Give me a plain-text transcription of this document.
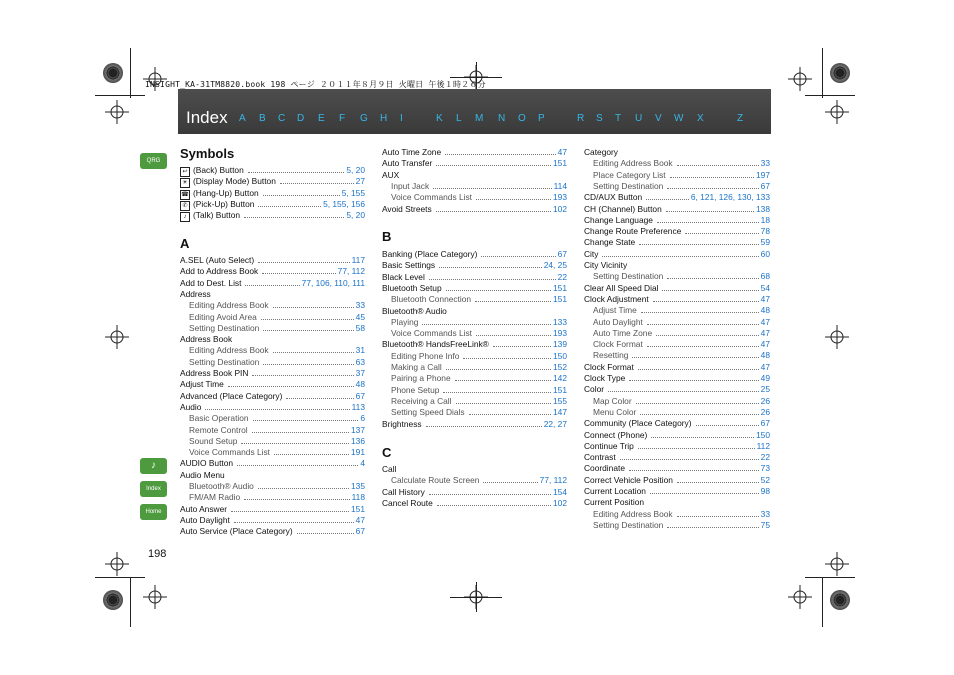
INSIGHT_KA-31TM8820.book 198 ページ ２０１１年８月９日 火曜日 午後１時２６分
Index A B C D E F G H I	K L M N O P	R S T U V W X	Z
QRG
♪
Index
Home
198
Symbols
A	B
C
↩ (Back) Button	5, 20
☀ (Display Mode) Button	27
☎ (Hang-Up) Button	5, 155
✆ (Pick-Up) Button	5, 155, 156
♪ (Talk) Button	5, 20
A.SEL (Auto Select)	117
Add to Address Book	77, 112
Add to Dest. List	77, 106, 110, 111
Address
Editing Address Book	33
Editing Avoid Area	45
Setting Destination	58
Address Book
Editing Address Book	31
Setting Destination	63
Address Book PIN	37
Adjust Time	48
Advanced (Place Category)	67
Audio	113
Basic Operation	6
Remote Control	137
Sound Setup	136
Voice Commands List	191
AUDIO Button	4
Audio Menu
Bluetooth® Audio	135
FM/AM Radio	118
Auto Answer	151
Auto Daylight	47
Auto Service (Place Category)	67
Auto Time Zone	47
Auto Transfer	151
AUX
Input Jack	114
Voice Commands List	193
Avoid Streets	102
Banking (Place Category)	67
Basic Settings	24, 25
Black Level	22
Bluetooth Setup	151
Bluetooth Connection	151
Bluetooth® Audio
Playing	133
Voice Commands List	193
Bluetooth® HandsFreeLink®	139
Editing Phone Info	150
Making a Call	152
Pairing a Phone	142
Phone Setup	151
Receiving a Call	155
Setting Speed Dials	147
Brightness	22, 27
Call
Calculate Route Screen	77, 112
Call History	154
Cancel Route	102
Category
Editing Address Book	33
Place Category List	197
Setting Destination	67
CD/AUX Button	6, 121, 126, 130, 133
CH (Channel) Button	138
Change Language	18
Change Route Preference	78
Change State	59
City	60
City Vicinity
Setting Destination	68
Clear All Speed Dial	54
Clock Adjustment	47
Adjust Time	48
Auto Daylight	47
Auto Time Zone	47
Clock Format	47
Resetting	48
Clock Format	47
Clock Type	49
Color	25
Map Color	26
Menu Color	26
Community (Place Category)	67
Connect (Phone)	150
Continue Trip	112
Contrast	22
Coordinate	73
Correct Vehicle Position	52
Current Location	98
Current Position
Editing Address Book	33
Setting Destination	75
